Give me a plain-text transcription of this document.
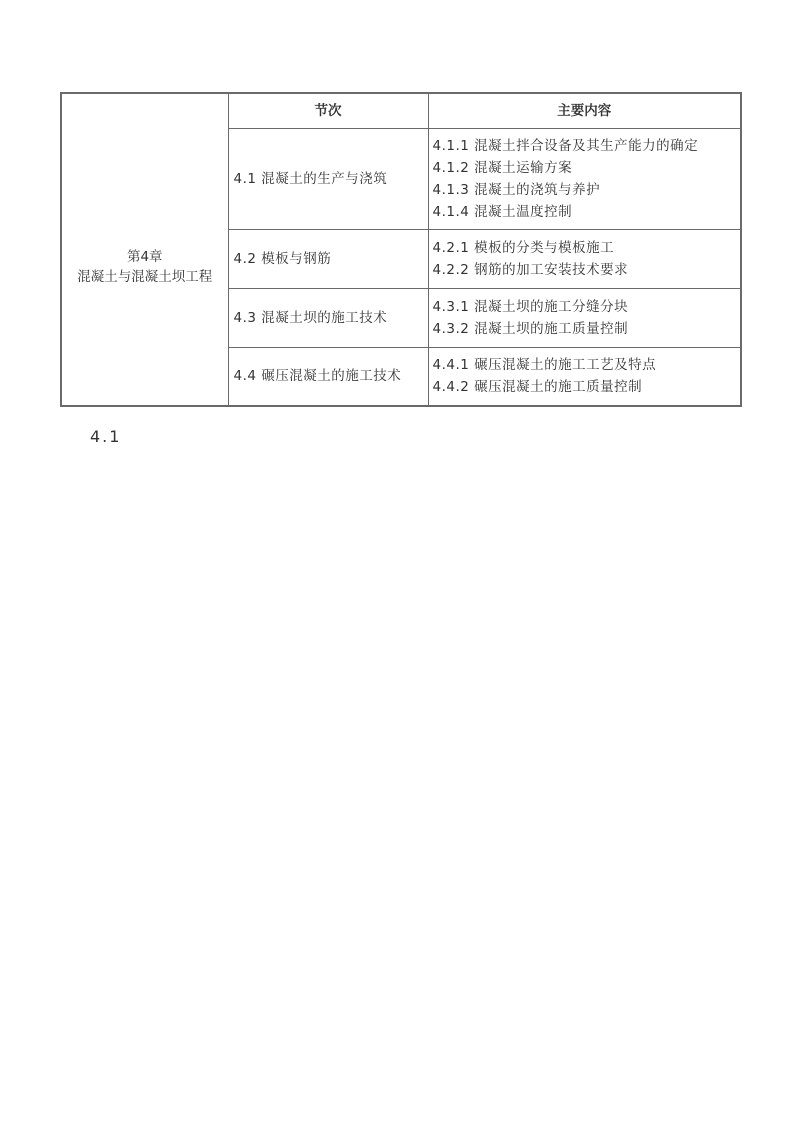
	节次	主要内容

第4章
混凝土与混凝土坝工程	4.1 混凝土的生产与浇筑	4.1.1 混凝土拌合设备及其生产能力的确定
4.1.2 混凝土运输方案
4.1.3 混凝土的浇筑与养护
4.1.4 混凝土温度控制

	4.2 模板与钢筋	4.2.1 模板的分类与模板施工
4.2.2 钢筋的加工安装技术要求

	4.3 混凝土坝的施工技术	4.3.1 混凝土坝的施工分缝分块
4.3.2 混凝土坝的施工质量控制

	4.4 碾压混凝土的施工技术	4.4.1 碾压混凝土的施工工艺及特点
4.4.2 碾压混凝土的施工质量控制
4.1
